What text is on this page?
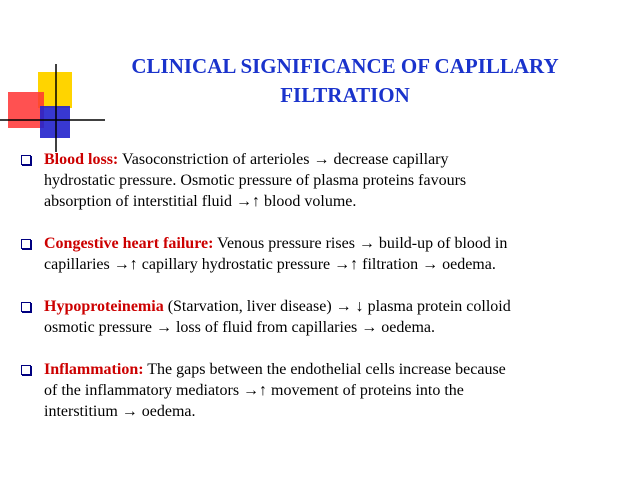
CLINICAL SIGNIFICANCE OF CAPILLARY
FILTRATION
Blood loss: Vasoconstriction of arterioles → decrease capillary
hydrostatic pressure. Osmotic pressure of plasma proteins favours
absorption of interstitial fluid →↑ blood volume.
Congestive heart failure: Venous pressure rises → build-up of blood in
capillaries →↑ capillary hydrostatic pressure →↑ filtration → oedema.
Hypoproteinemia (Starvation, liver disease) → ↓ plasma protein colloid
osmotic pressure → loss of fluid from capillaries → oedema.
Inflammation: The gaps between the endothelial cells increase because
of the inflammatory mediators →↑ movement of proteins into the
interstitium → oedema.
